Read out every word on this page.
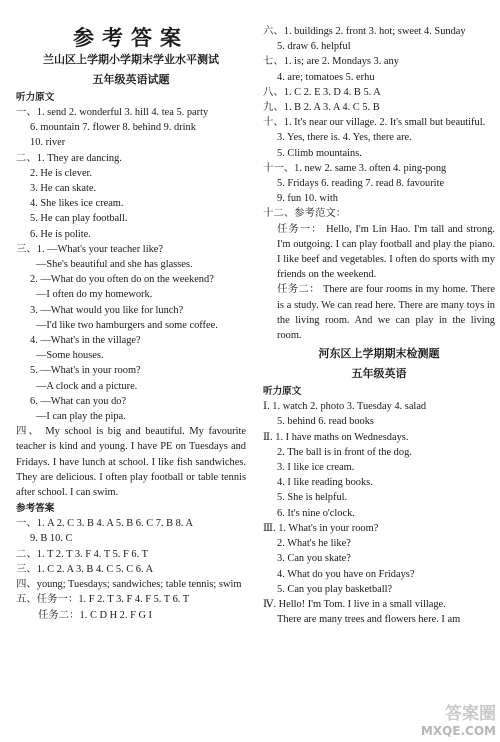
参考答案
兰山区上学期小学期末学业水平测试
五年级英语试题
听力原文
一、1. send 2. wonderful 3. hill 4. tea 5. party
6. mountain 7. flower 8. behind 9. drink
10. river
二、1. They are dancing.
2. He is clever.
3. He can skate.
4. She likes ice cream.
5. He can play football.
6. He is polite.
三、1. —What's your teacher like?
—She's beautiful and she has glasses.
2. —What do you often do on the weekend?
—I often do my homework.
3. —What would you like for lunch?
—I'd like two hamburgers and some coffee.
4. —What's in the village?
—Some houses.
5. —What's in your room?
—A clock and a picture.
6. —What can you do?
—I can play the pipa.
四、 My school is big and beautiful. My favourite teacher is kind and young. I have PE on Tuesdays and Fridays. I have lunch at school. I like fish sandwiches. They are delicious. I often play football or table tennis after school. I can swim.
参考答案
一、1. A 2. C 3. B 4. A 5. B 6. C 7. B 8. A
9. B 10. C
二、1. T 2. T 3. F 4. T 5. F 6. T
三、1. C 2. A 3. B 4. C 5. C 6. A
四、young; Tuesdays; sandwiches; table tennis; swim
五、任务一：1. F 2. T 3. F 4. F 5. T 6. T
任务二：1. C D H 2. F G I
六、1. buildings 2. front 3. hot; sweet 4. Sunday
5. draw 6. helpful
七、1. is; are 2. Mondays 3. any
4. are; tomatoes 5. erhu
八、1. C 2. E 3. D 4. B 5. A
九、1. B 2. A 3. A 4. C 5. B
十、1. It's near our village. 2. It's small but beautiful.
3. Yes, there is. 4. Yes, there are.
5. Climb mountains.
十一、1. new 2. same 3. often 4. ping-pong
5. Fridays 6. reading 7. read 8. favourite
9. fun 10. with
十二、参考范文：
任务一： Hello, I'm Lin Hao. I'm tall and strong. I'm outgoing. I can play football and play the piano. I like beef and vegetables. I often do sports with my friends on the weekend.
任务二： There are four rooms in my home. There is a study. We can read here. There are many toys in the living room. And we can play in the living room.
河东区上学期期末检测题
五年级英语
听力原文
Ⅰ. 1. watch 2. photo 3. Tuesday 4. salad
5. behind 6. read books
Ⅱ. 1. I have maths on Wednesdays.
2. The ball is in front of the dog.
3. I like ice cream.
4. I like reading books.
5. She is helpful.
6. It's nine o'clock.
Ⅲ. 1. What's in your room?
2. What's he like?
3. Can you skate?
4. What do you have on Fridays?
5. Can you play basketball?
Ⅳ. Hello! I'm Tom. I live in a small village.
There are many trees and flowers here. I am
答案圈
MXQE.COM
